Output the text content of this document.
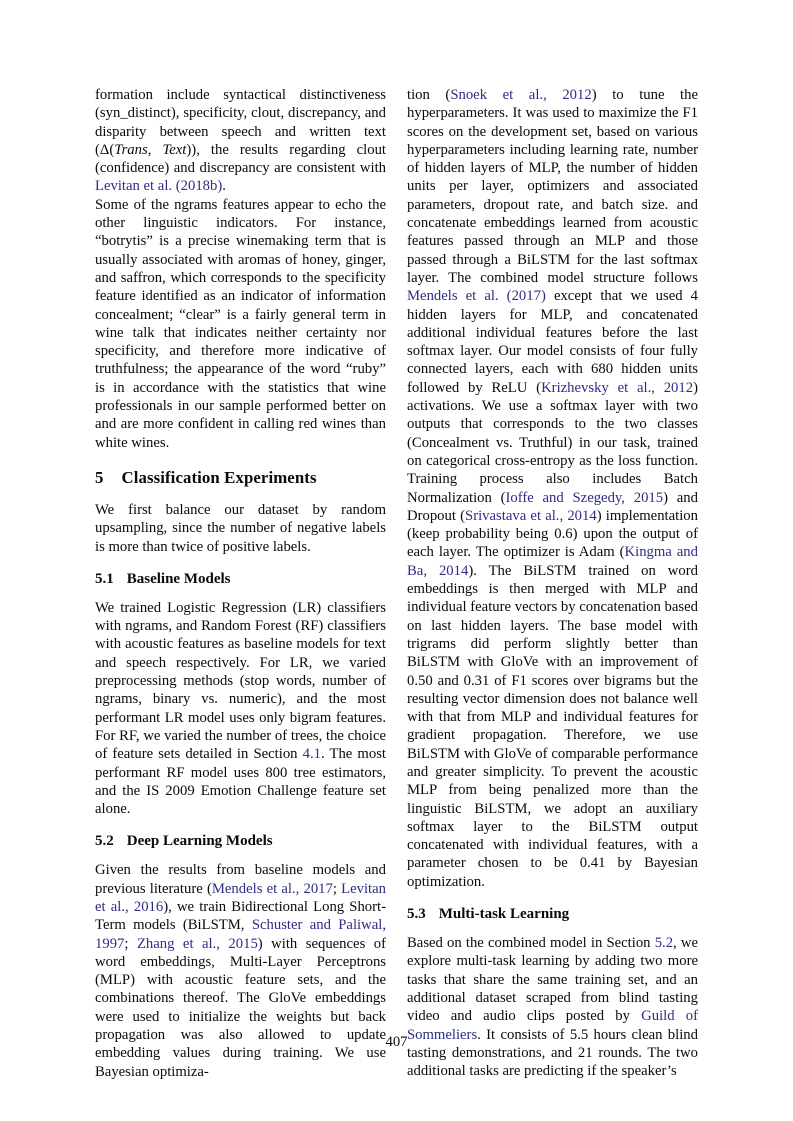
formation include syntactical distinctiveness (syn_distinct), specificity, clout, discrepancy, and disparity between speech and written text (Δ(Trans, Text)), the results regarding clout (confidence) and discrepancy are consistent with Levitan et al. (2018b).

Some of the ngrams features appear to echo the other linguistic indicators. For instance, “botrytis” is a precise winemaking term that is usually associated with aromas of honey, ginger, and saffron, which corresponds to the specificity feature identified as an indicator of information concealment; “clear” is a fairly general term in wine talk that indicates neither certainty nor specificity, and therefore more indicative of truthfulness; the appearance of the word “ruby” is in accordance with the statistics that wine professionals in our sample performed better on and are more confident in calling red wines than white wines.

5 Classification Experiments

We first balance our dataset by random upsampling, since the number of negative labels is more than twice of positive labels.

5.1 Baseline Models

We trained Logistic Regression (LR) classifiers with ngrams, and Random Forest (RF) classifiers with acoustic features as baseline models for text and speech respectively. For LR, we varied preprocessing methods (stop words, number of ngrams, binary vs. numeric), and the most performant LR model uses only bigram features. For RF, we varied the number of trees, the choice of feature sets detailed in Section 4.1. The most performant RF model uses 800 tree estimators, and the IS 2009 Emotion Challenge feature set alone.

5.2 Deep Learning Models

Given the results from baseline models and previous literature (Mendels et al., 2017; Levitan et al., 2016), we train Bidirectional Long Short-Term models (BiLSTM, Schuster and Paliwal, 1997; Zhang et al., 2015) with sequences of word embeddings, Multi-Layer Perceptrons (MLP) with acoustic feature sets, and the combinations thereof. The GloVe embeddings were used to initialize the weights but back propagation was also allowed to update embedding values during training. We use Bayesian optimiza-

tion (Snoek et al., 2012) to tune the hyperparameters. It was used to maximize the F1 scores on the development set, based on various hyperparameters including learning rate, number of hidden layers of MLP, the number of hidden units per layer, optimizers and associated parameters, dropout rate, and batch size. and concatenate embeddings learned from acoustic features passed through an MLP and those passed through a BiLSTM for the last softmax layer. The combined model structure follows Mendels et al. (2017) except that we used 4 hidden layers for MLP, and concatenated additional individual features before the last softmax layer. Our model consists of four fully connected layers, each with 680 hidden units followed by ReLU (Krizhevsky et al., 2012) activations. We use a softmax layer with two outputs that corresponds to the two classes (Concealment vs. Truthful) in our task, trained on categorical cross-entropy as the loss function. Training process also includes Batch Normalization (Ioffe and Szegedy, 2015) and Dropout (Srivastava et al., 2014) implementation (keep probability being 0.6) upon the output of each layer. The optimizer is Adam (Kingma and Ba, 2014). The BiLSTM trained on word embeddings is then merged with MLP and individual feature vectors by concatenation based on last hidden layers. The base model with trigrams did perform slightly better than BiLSTM with GloVe with an improvement of 0.50 and 0.31 of F1 scores over bigrams but the resulting vector dimension does not balance well with that from MLP and individual features for gradient propagation. Therefore, we use BiLSTM with GloVe of comparable performance and greater simplicity. To prevent the acoustic MLP from being penalized more than the linguistic BiLSTM, we adopt an auxiliary softmax layer to the BiLSTM output concatenated with individual features, with a parameter chosen to be 0.41 by Bayesian optimization.

5.3 Multi-task Learning

Based on the combined model in Section 5.2, we explore multi-task learning by adding two more tasks that share the same training set, and an additional dataset scraped from blind tasting video and audio clips posted by Guild of Sommeliers. It consists of 5.5 hours clean blind tasting demonstrations, and 21 rounds. The two additional tasks are predicting if the speaker’s

407
